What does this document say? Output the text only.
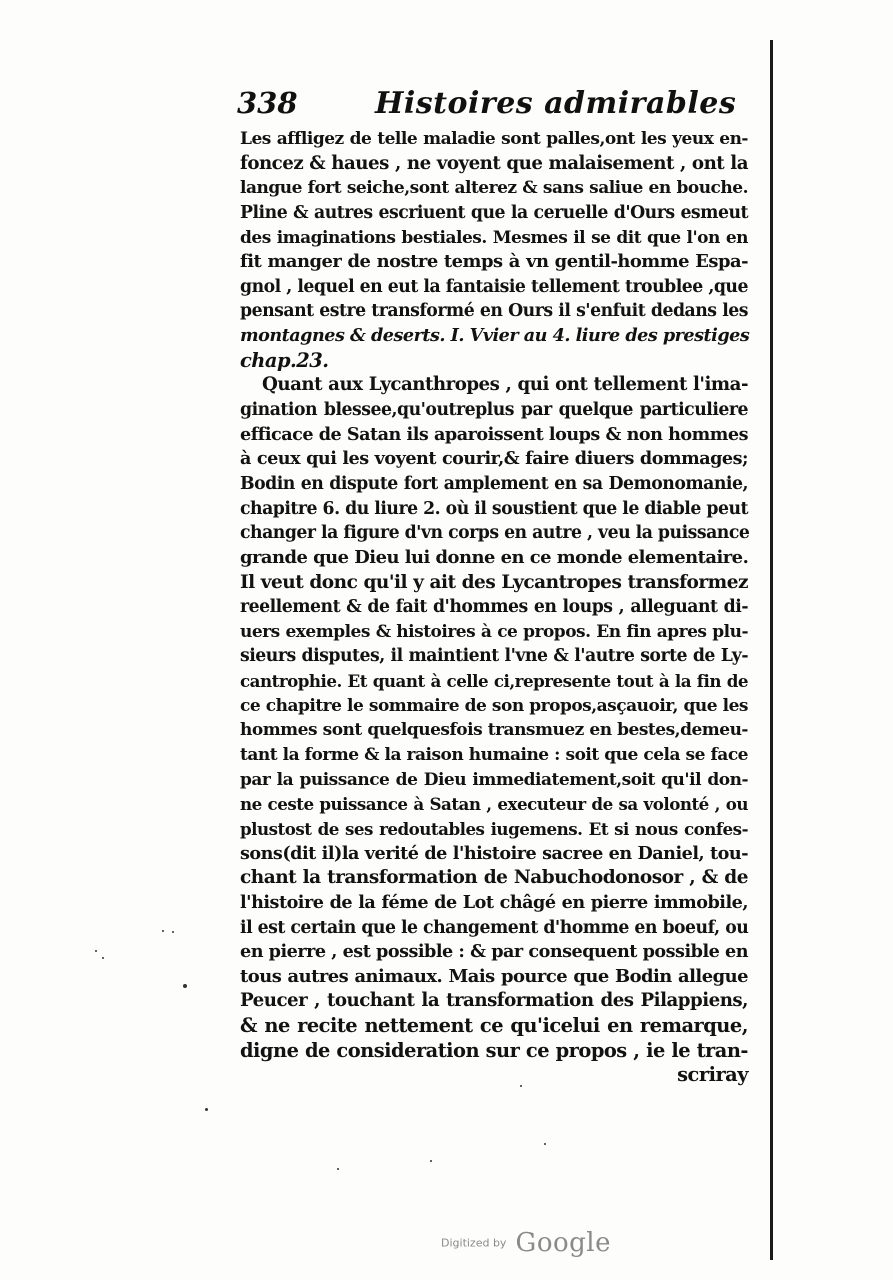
338	Histoires admirables
Les affligez de telle maladie sont palles,ont les yeux en-
foncez & haues , ne voyent que malaisement , ont la
langue fort seiche,sont alterez & sans saliue en bouche.
Pline & autres escriuent que la ceruelle d'Ours esmeut
des imaginations bestiales. Mesmes il se dit que l'on en
fit manger de nostre temps à vn gentil-homme Espa-
gnol , lequel en eut la fantaisie tellement troublee ,que
pensant estre transformé en Ours il s'enfuit dedans les
montagnes & deserts. I. Vvier au 4. liure des prestiges
chap.23.
Quant aux Lycanthropes , qui ont tellement l'ima-
gination blessee,qu'outreplus par quelque particuliere
efficace de Satan ils aparoissent loups & non hommes
à ceux qui les voyent courir,& faire diuers dommages;
Bodin en dispute fort amplement en sa Demonomanie,
chapitre 6. du liure 2. où il soustient que le diable peut
changer la figure d'vn corps en autre , veu la puissance
grande que Dieu lui donne en ce monde elementaire.
Il veut donc qu'il y ait des Lycantropes transformez
reellement & de fait d'hommes en loups , alleguant di-
uers exemples & histoires à ce propos. En fin apres plu-
sieurs disputes, il maintient l'vne & l'autre sorte de Ly-
cantrophie. Et quant à celle ci,represente tout à la fin de
ce chapitre le sommaire de son propos,asçauoir, que les
hommes sont quelquesfois transmuez en bestes,demeu-
tant la forme & la raison humaine : soit que cela se face
par la puissance de Dieu immediatement,soit qu'il don-
ne ceste puissance à Satan , executeur de sa volonté , ou
plustost de ses redoutables iugemens. Et si nous confes-
sons(dit il)la verité de l'histoire sacree en Daniel, tou-
chant la transformation de Nabuchodonosor , & de
l'histoire de la féme de Lot châgé en pierre immobile,
il est certain que le changement d'homme en boeuf, ou
en pierre , est possible : & par consequent possible en
tous autres animaux. Mais pource que Bodin allegue
Peucer , touchant la transformation des Pilappiens,
& ne recite nettement ce qu'icelui en remarque,
digne de consideration sur ce propos , ie le tran-
scriray
Digitized by Google
